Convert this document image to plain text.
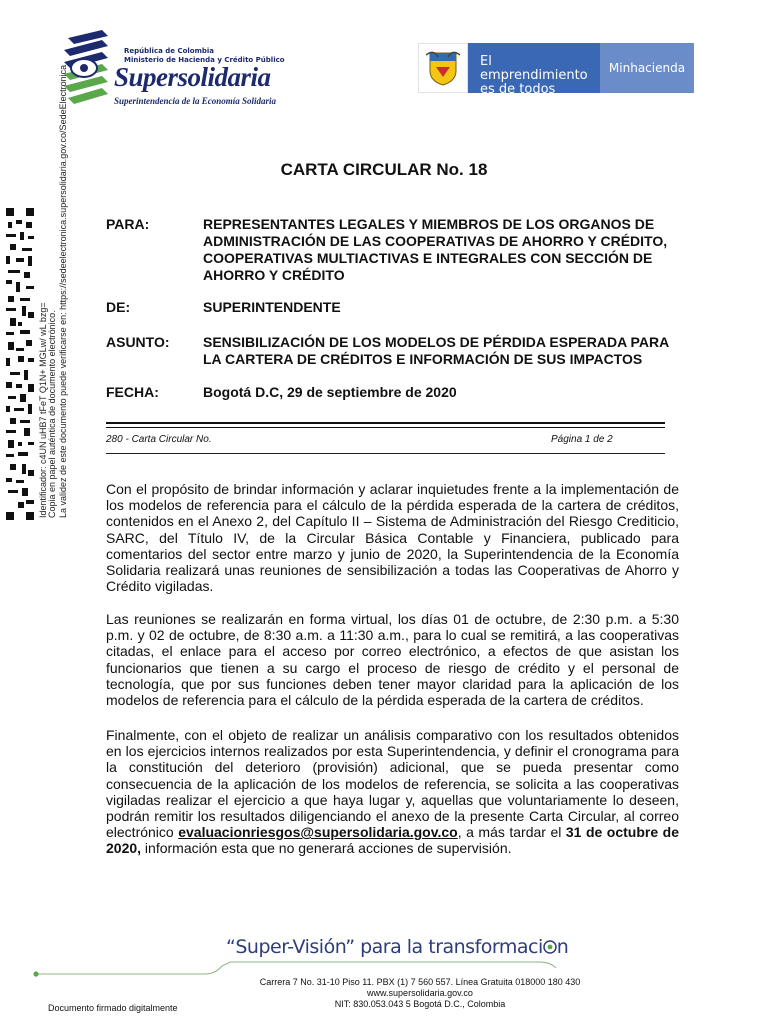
República de Colombia
Ministerio de Hacienda y Crédito Público
Supersolidaria
Superintendencia de la Economía Solidaria
El emprendimiento
es de todos
Minhacienda
Identificador: c4UN uHB7 tFeT Q1N+ MGLw/ wL bzg= Copia en papel auténtica de documento electrónico. La validez de este documento puede verificarse en: https://sedeelectronica.supersolidaria.gov.co/SedeElectronica	CARTA CIRCULAR No. 18
PARA:	REPRESENTANTES LEGALES Y MIEMBROS DE LOS ORGANOS DE ADMINISTRACIÓN DE LAS COOPERATIVAS DE AHORRO Y CRÉDITO, COOPERATIVAS MULTIACTIVAS E INTEGRALES CON SECCIÓN DE AHORRO Y CRÉDITO
DE:	SUPERINTENDENTE
ASUNTO: SENSIBILIZACIÓN DE LOS MODELOS DE PÉRDIDA ESPERADA PARA LA CARTERA DE CRÉDITOS E INFORMACIÓN DE SUS IMPACTOS
FECHA:	Bogotá D.C, 29 de septiembre de 2020
280 - Carta Circular No.	Página 1 de 2

Con el propósito de brindar información y aclarar inquietudes frente a la implementación de los modelos de referencia para el cálculo de la pérdida esperada de la cartera de créditos, contenidos en el Anexo 2, del Capítulo II – Sistema de Administración del Riesgo Crediticio, SARC, del Título IV, de la Circular Básica Contable y Financiera, publicado para comentarios del sector entre marzo y junio de 2020, la Superintendencia de la Economía Solidaria realizará unas reuniones de sensibilización a todas las Cooperativas de Ahorro y Crédito vigiladas.

Las reuniones se realizarán en forma virtual, los días 01 de octubre, de 2:30 p.m. a 5:30 p.m. y 02 de octubre, de 8:30 a.m. a 11:30 a.m., para lo cual se remitirá, a las cooperativas citadas, el enlace para el acceso por correo electrónico, a efectos de que asistan los funcionarios que tienen a su cargo el proceso de riesgo de crédito y el personal de tecnología, que por sus funciones deben tener mayor claridad para la aplicación de los modelos de referencia para el cálculo de la pérdida esperada de la cartera de créditos.

Finalmente, con el objeto de realizar un análisis comparativo con los resultados obtenidos en los ejercicios internos realizados por esta Superintendencia, y definir el cronograma para la constitución del deterioro (provisión) adicional, que se pueda presentar como consecuencia de la aplicación de los modelos de referencia, se solicita a las cooperativas vigiladas realizar el ejercicio a que haya lugar y, aquellas que voluntariamente lo deseen, podrán remitir los resultados diligenciando el anexo de la presente Carta Circular, al correo electrónico evaluacionriesgos@supersolidaria.gov.co, a más tardar el 31 de octubre de 2020, información esta que no generará acciones de supervisión.

“Super-Visión” para la transformaci n
Carrera 7 No. 31-10 Piso 11. PBX (1) 7 560 557. Línea Gratuita 018000 180 430
www.supersolidaria.gov.co
NIT: 830.053.043 5 Bogotá D.C., Colombia
Documento firmado digitalmente
